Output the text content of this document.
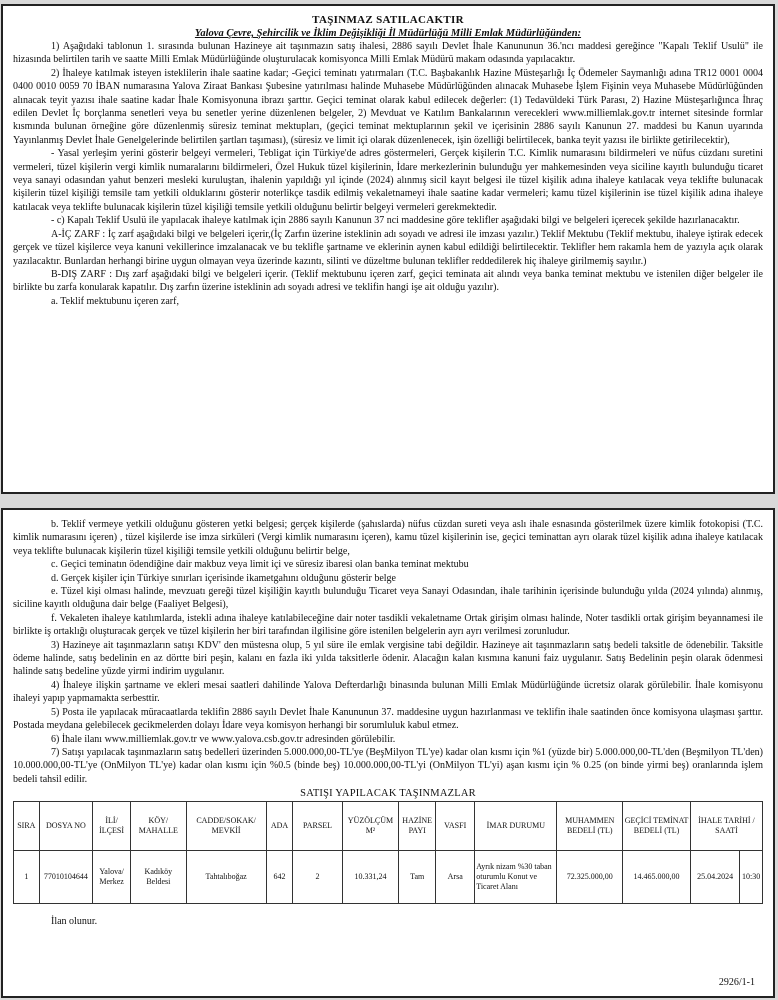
TAŞINMAZ SATILACAKTIR
Yalova Çevre, Şehircilik ve İklim Değişikliği İl Müdürlüğü Milli Emlak Müdürlüğünden:

1) Aşağıdaki tablonun 1. sırasında bulunan Hazineye ait taşınmazın satış ihalesi, 2886 sayılı Devlet İhale Kanununun 36.'ncı maddesi gereğince "Kapalı Teklif Usulü" ile hizasında belirtilen tarih ve saatte Milli Emlak Müdürlüğünde oluşturulacak komisyonca Milli Emlak Müdürü makam odasında yapılacaktır.

2) İhaleye katılmak isteyen isteklilerin ihale saatine kadar; -Geçici teminatı yatırmaları (T.C. Başbakanlık Hazine Müsteşarlığı İç Ödemeler Saymanlığı adına TR12 0001 0004 0400 0010 0059 70 İBAN numarasına Yalova Ziraat Bankası Şubesine yatırılması halinde Muhasebe Müdürlüğünden alınacak Muhasebe İşlem Fişinin veya Muhasebe Müdürlüğünden alınacak teyit yazısı ihale saatine kadar İhale Komisyonuna ibrazı şarttır. Geçici teminat olarak kabul edilecek değerler: (1) Tedavüldeki Türk Parası, 2) Hazine Müsteşarlığınca İhraç edilen Devlet İç borçlanma senetleri veya bu senetler yerine düzenlenen belgeler, 2) Mevduat ve Katılım Bankalarının verecekleri www.milliemlak.gov.tr internet sitesinde formlar kısmında bulunan örneğine göre düzenlenmiş süresiz teminat mektupları, (geçici teminat mektuplarının şekil ve içerisinin 2886 sayılı Kanunun 27. maddesi bu Kanun uyarında Yayınlanmış Devlet İhale Genelgelerinde belirtilen şartları taşıması), (süresiz ve limit içi olarak düzenlenecek, işin özelliği belirtilecek, banka teyit yazısı ile birlikte getirilecektir),

- Yasal yerleşim yerini gösterir belgeyi vermeleri, Tebligat için Türkiye'de adres göstermeleri, Gerçek kişilerin T.C. Kimlik numarasını bildirmeleri ve nüfus cüzdanı suretini vermeleri, tüzel kişilerin vergi kimlik numaralarını bildirmeleri, Özel Hukuk tüzel kişilerinin, İdare merkezlerinin bulunduğu yer mahkemesinden veya siciline kayıtlı bulunduğu ticaret veya sanayi odasından yahut benzeri mesleki kuruluştan, ihalenin yapıldığı yıl içinde (2024) alınmış sicil kayıt belgesi ile tüzel kişilik adına ihaleye katılacak veya teklifte bulunacak kişilerin tüzel kişiliği temsile tam yetkili olduklarını gösterir noterlikçe tasdik edilmiş vekaletnameyi ihale saatine kadar vermeleri; kamu tüzel kişilerinin ise tüzel kişilik adına ihaleye katılacak veya teklifte bulunacak kişilerin tüzel kişiliği temsile yetkili olduğunu belirtir belgeyi vermeleri gerekmektedir.

- c) Kapalı Teklif Usulü ile yapılacak ihaleye katılmak için 2886 sayılı Kanunun 37 nci maddesine göre teklifler aşağıdaki bilgi ve belgeleri içerecek şekilde hazırlanacaktır.

A-İÇ ZARF : İç zarf aşağıdaki bilgi ve belgeleri içerir,(İç Zarfın üzerine isteklinin adı soyadı ve adresi ile imzası yazılır.) Teklif Mektubu (Teklif mektubu, ihaleye iştirak edecek gerçek ve tüzel kişilerce veya kanuni vekillerince imzalanacak ve bu teklifle şartname ve eklerinin aynen kabul edildiği belirtilecektir. Teklifler hem rakamla hem de yazıyla açık olarak yazılacaktır. Bunlardan herhangi birine uygun olmayan veya üzerinde kazıntı, silinti ve düzeltme bulunan teklifler reddedilerek hiç ihaleye girilmemiş sayılır.)

B-DIŞ ZARF : Dış zarf aşağıdaki bilgi ve belgeleri içerir. (Teklif mektubunu içeren zarf, geçici teminata ait alındı veya banka teminat mektubu ve istenilen diğer belgeler ile birlikte bu zarfa konularak kapatılır. Dış zarfın üzerine isteklinin adı soyadı adresi ve teklifin hangi işe ait olduğu yazılır).

a. Teklif mektubunu içeren zarf,

b. Teklif vermeye yetkili olduğunu gösteren yetki belgesi; gerçek kişilerde (şahıslarda) nüfus cüzdan sureti veya aslı ihale esnasında gösterilmek üzere kimlik fotokopisi (T.C. kimlik numarasını içeren) , tüzel kişilerde ise imza sirküleri (Vergi kimlik numarasını içeren), kamu tüzel kişilerinin ise, geçici teminattan ayrı olarak tüzel kişilik adına ihaleye katılacak veya teklifte bulunacak kişilerin tüzel kişiliği temsile yetkili olduğunu belirtir belge,

c. Geçici teminatın ödendiğine dair makbuz veya limit içi ve süresiz ibaresi olan banka teminat mektubu

d. Gerçek kişiler için Türkiye sınırları içerisinde ikametgahını olduğunu gösterir belge

e. Tüzel kişi olması halinde, mevzuatı gereği tüzel kişiliğin kayıtlı bulunduğu Ticaret veya Sanayi Odasından, ihale tarihinin içerisinde bulunduğu yılda (2024 yılında) alınmış, siciline kayıtlı olduğuna dair belge (Faaliyet Belgesi),

f. Vekaleten ihaleye katılımlarda, istekli adına ihaleye katılabileceğine dair noter tasdikli vekaletname Ortak girişim olması halinde, Noter tasdikli ortak girişim beyannamesi ile birlikte iş ortaklığı oluşturacak gerçek ve tüzel kişilerin her biri tarafından ilgilisine göre istenilen belgelerin ayrı ayrı verilmesi zorunludur.

3) Hazineye ait taşınmazların satışı KDV' den müstesna olup, 5 yıl süre ile emlak vergisine tabi değildir. Hazineye ait taşınmazların satış bedeli taksitle de ödenebilir. Taksitle ödeme halinde, satış bedelinin en az dörtte biri peşin, kalanı en fazla iki yılda taksitlerle ödenir. Alacağın kalan kısmına kanuni faiz uygulanır. Satış Bedelinin peşin olarak ödenmesi halinde satış bedeline yüzde yirmi indirim uygulanır.

4) İhaleye ilişkin şartname ve ekleri mesai saatleri dahilinde Yalova Defterdarlığı binasında bulunan Milli Emlak Müdürlüğünde ücretsiz olarak görülebilir. İhale komisyonu ihaleyi yapıp yapmamakta serbesttir.

5) Posta ile yapılacak müracaatlarda teklifin 2886 sayılı Devlet İhale Kanununun 37. maddesine uygun hazırlanması ve teklifin ihale saatinden önce komisyona ulaşması şarttır. Postada meydana gelebilecek gecikmelerden dolayı İdare veya komisyon herhangi bir sorumluluk kabul etmez.

6) İhale ilanı www.milliemlak.gov.tr ve www.yalova.csb.gov.tr adresinden görülebilir.

7) Satışı yapılacak taşınmazların satış bedelleri üzerinden 5.000.000,00-TL'ye (BeşMilyon TL'ye) kadar olan kısmı için %1 (yüzde bir) 5.000.000,00-TL'den (Beşmilyon TL'den) 10.000.000,00-TL'ye (OnMilyon TL'ye) kadar olan kısmı için %0.5 (binde beş) 10.000.000,00-TL'yi (OnMilyon TL'yi) aşan kısmı için % 0.25 (on binde yirmi beş) oranlarında işlem bedeli tahsil edilir.

SATIŞI YAPILACAK TAŞINMAZLAR
SIRA	DOSYA NO	İLİ/ İLÇESİ	KÖY/ MAHALLE	CADDE/SOKAK/ MEVKİİ	ADA	PARSEL	YÜZÖLÇÜM M²	HAZİNE PAYI	VASFI	İMAR DURUMU	MUHAMMEN BEDELİ (TL)	GEÇİCİ TEMİNAT BEDELİ (TL)	İHALE TARİHİ / SAATİ	
1	77010104644	Yalova/ Merkez	Kadıköy Beldesi	Tahtalıboğaz	642	2	10.331,24	Tam	Arsa	Ayrık nizam %30 taban oturumlu Konut ve Ticaret Alanı	72.325.000,00	14.465.000,00	25.04.2024	10:30
İlan olunur.
2926/1-1
